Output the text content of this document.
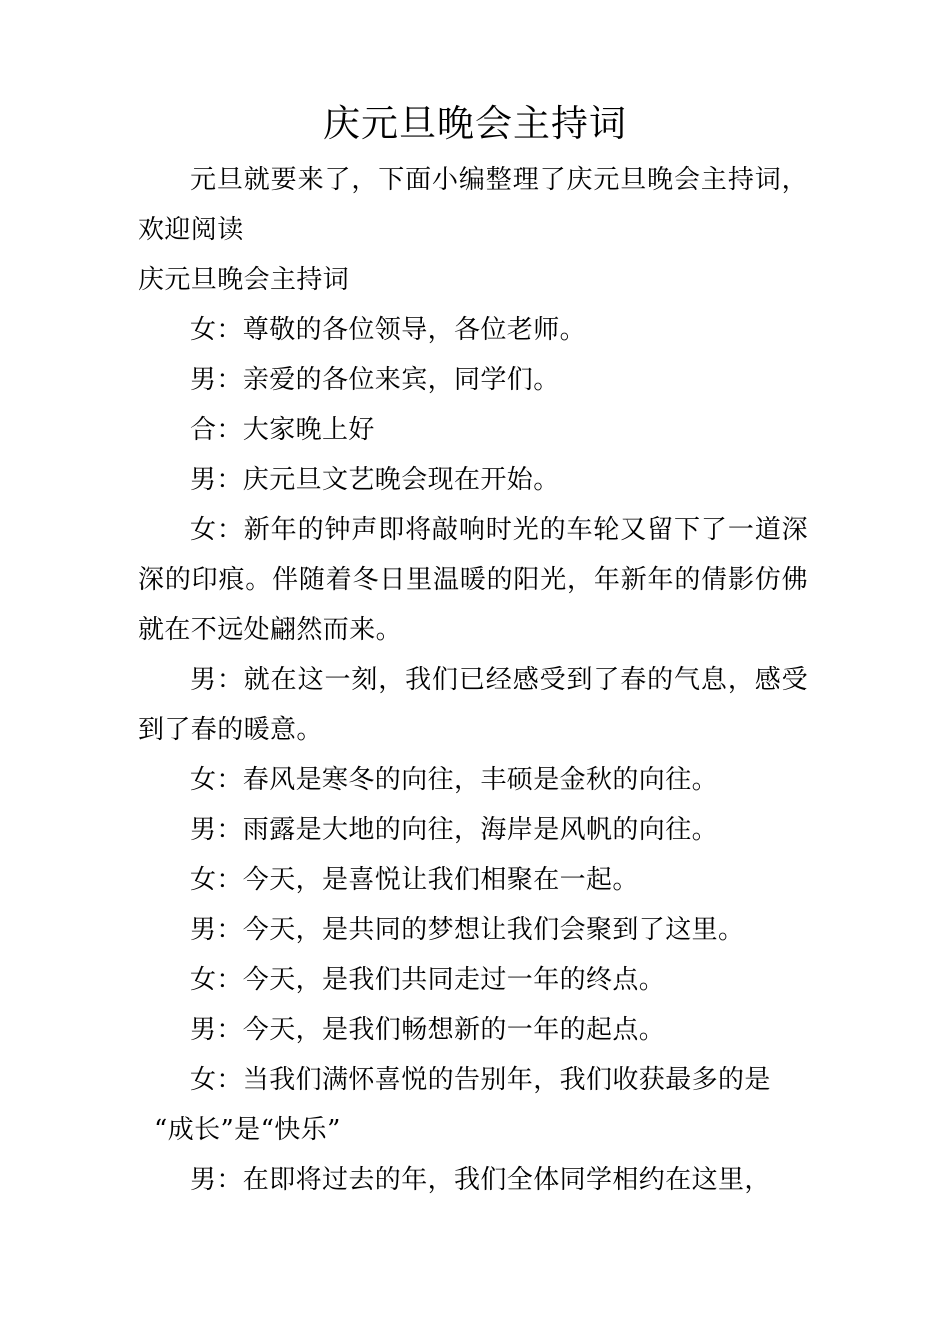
庆元旦晚会主持词

元旦就要来了，下面小编整理了庆元旦晚会主持词，欢迎阅读

庆元旦晚会主持词

女：尊敬的各位领导，各位老师。

男：亲爱的各位来宾，同学们。

合：大家晚上好

男：庆元旦文艺晚会现在开始。

女：新年的钟声即将敲响时光的车轮又留下了一道深深的印痕。伴随着冬日里温暖的阳光，年新年的倩影仿佛就在不远处翩然而来。

男：就在这一刻，我们已经感受到了春的气息，感受到了春的暖意。

女：春风是寒冬的向往，丰硕是金秋的向往。

男：雨露是大地的向往，海岸是风帆的向往。

女：今天，是喜悦让我们相聚在一起。

男：今天，是共同的梦想让我们会聚到了这里。

女：今天，是我们共同走过一年的终点。

男：今天，是我们畅想新的一年的起点。

女：当我们满怀喜悦的告别年，我们收获最多的是

“成长”是“快乐”

男：在即将过去的年，我们全体同学相约在这里，
